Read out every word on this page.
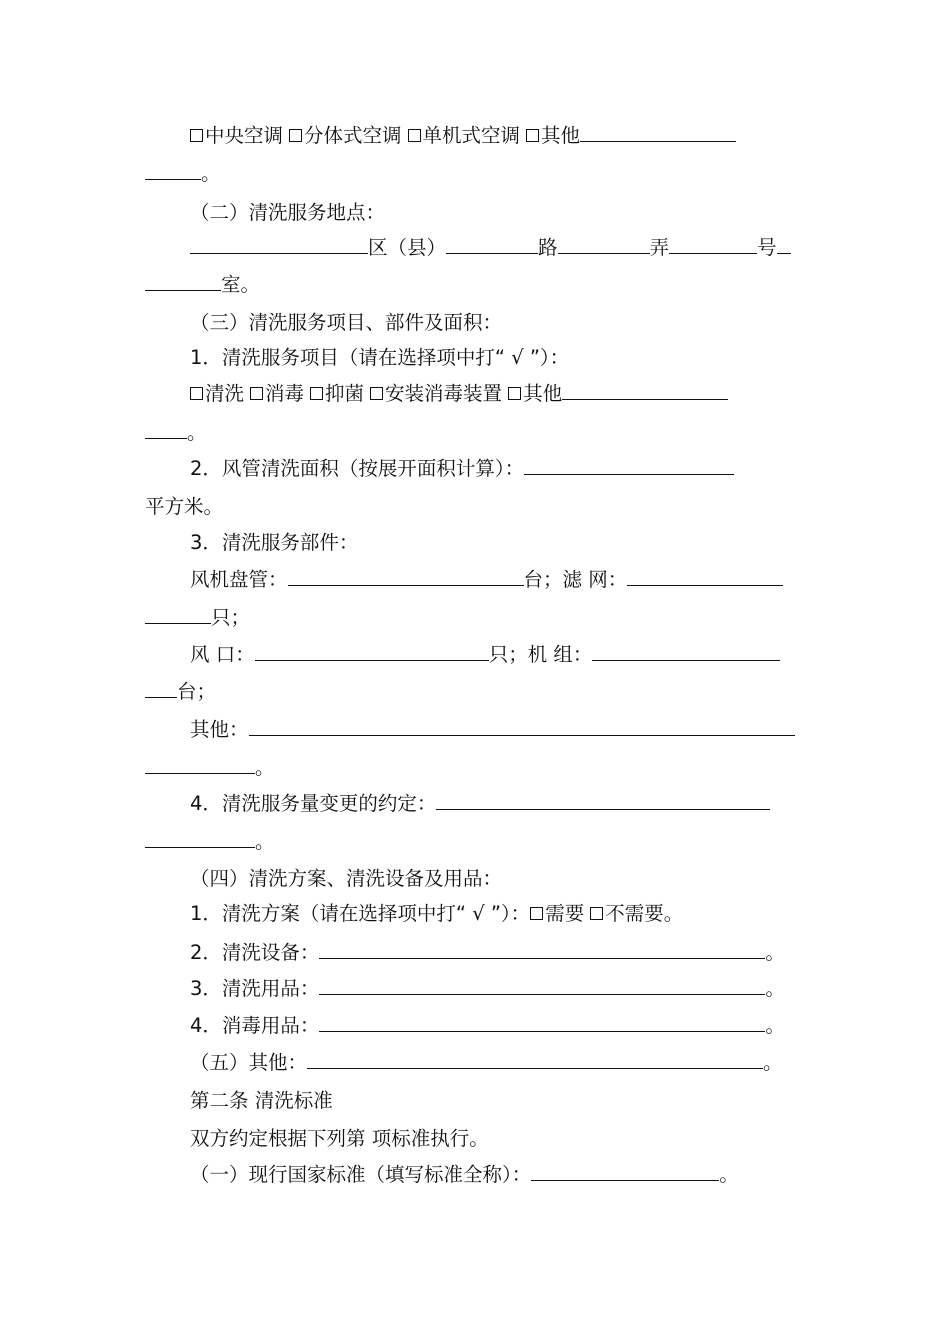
中央空调 分体式空调 单机式空调 其他
。
（二）清洗服务地点：
区（县）	路	弄	号
室。
（三）清洗服务项目、部件及面积：
1．清洗服务项目（请在选择项中打“ √ ”）：
清洗 消毒 抑菌 安装消毒装置 其他
。
2．风管清洗面积（按展开面积计算）：
平方米。
3．清洗服务部件：
风机盘管：	台；滤 网：
只；
风 口：	只；机 组：
台；
其他：
。
4．清洗服务量变更的约定：
。
（四）清洗方案、清洗设备及用品：
1．清洗方案（请在选择项中打“ √ ”）： 需要 不需要。
2．清洗设备：	。
3．清洗用品：	。
4．消毒用品：	。
（五）其他：	。
第二条 清洗标准
双方约定根据下列第 项标准执行。
（一）现行国家标准（填写标准全称）：	。
